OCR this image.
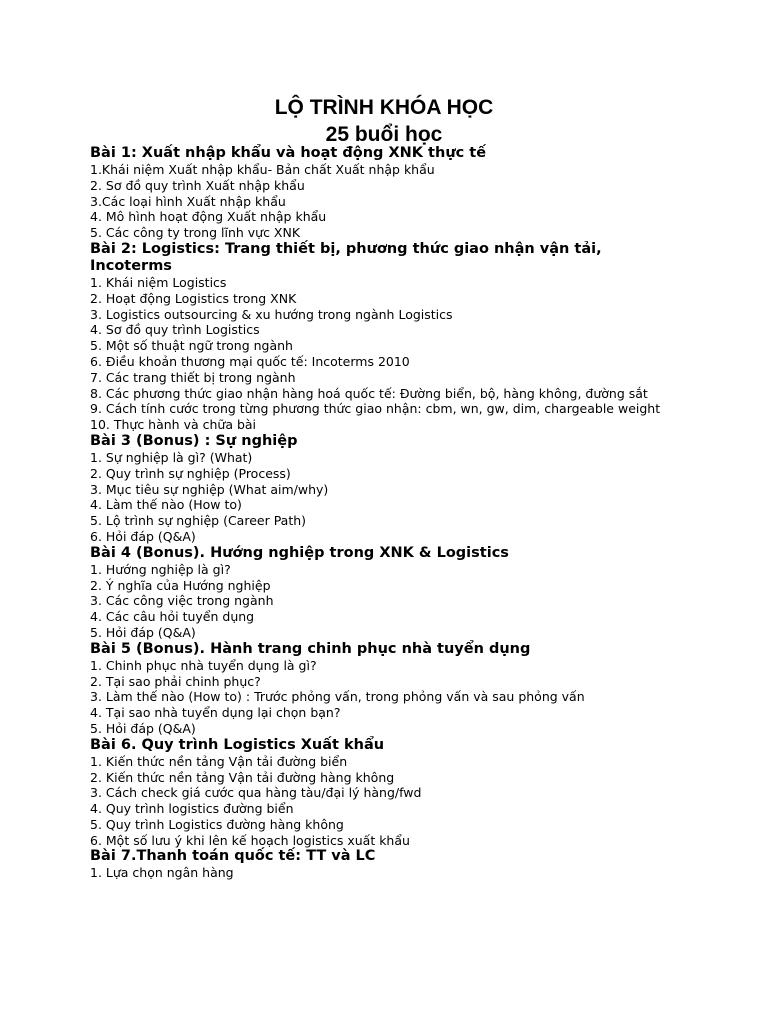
LỘ TRÌNH KHÓA HỌC
25 buổi học

Bài 1: Xuất nhập khẩu và hoạt động XNK thực tế

1.Khái niệm Xuất nhập khẩu- Bản chất Xuất nhập khẩu

2. Sơ đồ quy trình Xuất nhập khẩu

3.Các loại hình Xuất nhập khẩu

4. Mô hình hoạt động Xuất nhập khẩu

5. Các công ty trong lĩnh vực XNK

Bài 2: Logistics: Trang thiết bị, phương thức giao nhận vận tải, Incoterms

1. Khái niệm Logistics

2. Hoạt động Logistics trong XNK

3. Logistics outsourcing & xu hướng trong ngành Logistics

4. Sơ đồ quy trình Logistics

5. Một số thuật ngữ trong ngành

6. Điều khoản thương mại quốc tế: Incoterms 2010

7. Các trang thiết bị trong ngành

8. Các phương thức giao nhận hàng hoá quốc tế: Đường biển, bộ, hàng không, đường sắt

9. Cách tính cước trong từng phương thức giao nhận: cbm, wn, gw, dim, chargeable weight

10. Thực hành và chữa bài

Bài 3 (Bonus) : Sự nghiệp

1. Sự nghiệp là gì? (What)

2. Quy trình sự nghiệp (Process)

3. Mục tiêu sự nghiệp (What aim/why)

4. Làm thế nào (How to)

5. Lộ trình sự nghiệp (Career Path)

6. Hỏi đáp (Q&A)

Bài 4 (Bonus). Hướng nghiệp trong XNK & Logistics

1. Hướng nghiệp là gì?

2. Ý nghĩa của Hướng nghiệp

3. Các công việc trong ngành

4. Các câu hỏi tuyển dụng

5. Hỏi đáp (Q&A)

Bài 5 (Bonus). Hành trang chinh phục nhà tuyển dụng

1. Chinh phục nhà tuyển dụng là gì?

2. Tại sao phải chinh phục?

3. Làm thế nào (How to) : Trước phỏng vấn, trong phỏng vấn và sau phỏng vấn

4. Tại sao nhà tuyển dụng lại chọn bạn?

5. Hỏi đáp (Q&A)

Bài 6. Quy trình Logistics Xuất khẩu

1. Kiến thức nền tảng Vận tải đường biển

2. Kiến thức nền tảng Vận tải đường hàng không

3. Cách check giá cước qua hàng tàu/đại lý hàng/fwd

4. Quy trình logistics đường biển

5. Quy trình Logistics đường hàng không

6. Một số lưu ý khi lên kế hoạch logistics xuất khẩu

Bài 7.Thanh toán quốc tế: TT và LC

1. Lựa chọn ngân hàng
